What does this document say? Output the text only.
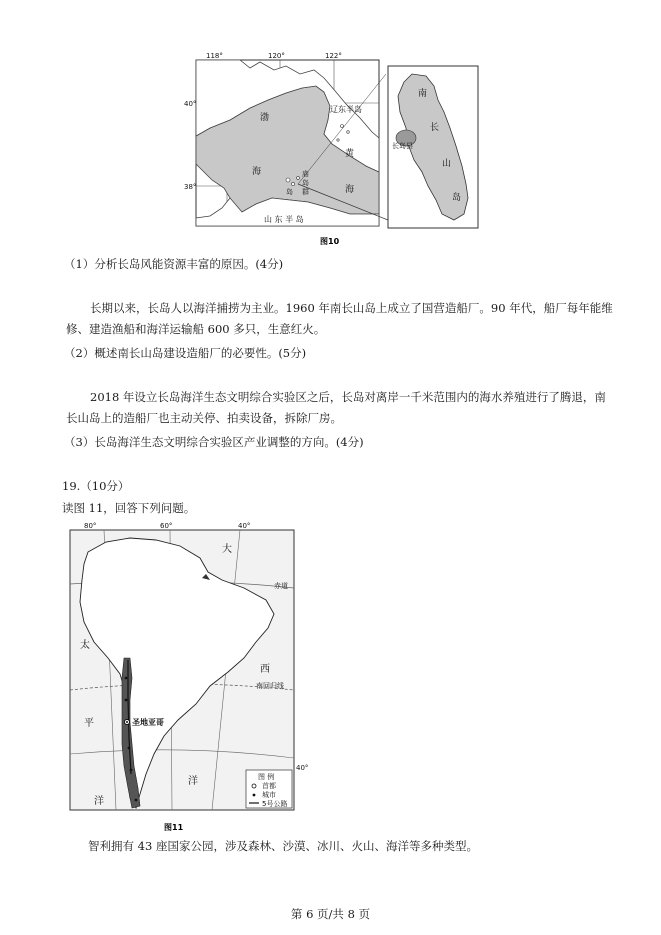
118°	120°	122°
40°
38°
渤
海
黄
海
辽东半岛
山 东 半 岛
庙
岛
群
岛
南
长
山
岛
长岛县
图10
（1）分析长岛风能资源丰富的原因。(4分)
长期以来，长岛人以海洋捕捞为主业。1960 年南长山岛上成立了国营造船厂。90 年代，船厂每年能维
修、建造渔船和海洋运输船 600 多只，生意红火。
（2）概述南长山岛建设造船厂的必要性。(5分)
2018 年设立长岛海洋生态文明综合实验区之后，长岛对离岸一千米范围内的海水养殖进行了腾退，南
长山岛上的造船厂也主动关停、拍卖设备，拆除厂房。
（3）长岛海洋生态文明综合实验区产业调整的方向。(4分)
19.（10分）
读图 11，回答下列问题。
80°	60°
40°
40°
大
西
太
平
洋
洋
赤道
南回归线
圣地亚哥
图 例
首都
城市
5号公路
图11
智利拥有 43 座国家公园，涉及森林、沙漠、冰川、火山、海洋等多种类型。
第 6 页/共 8 页
